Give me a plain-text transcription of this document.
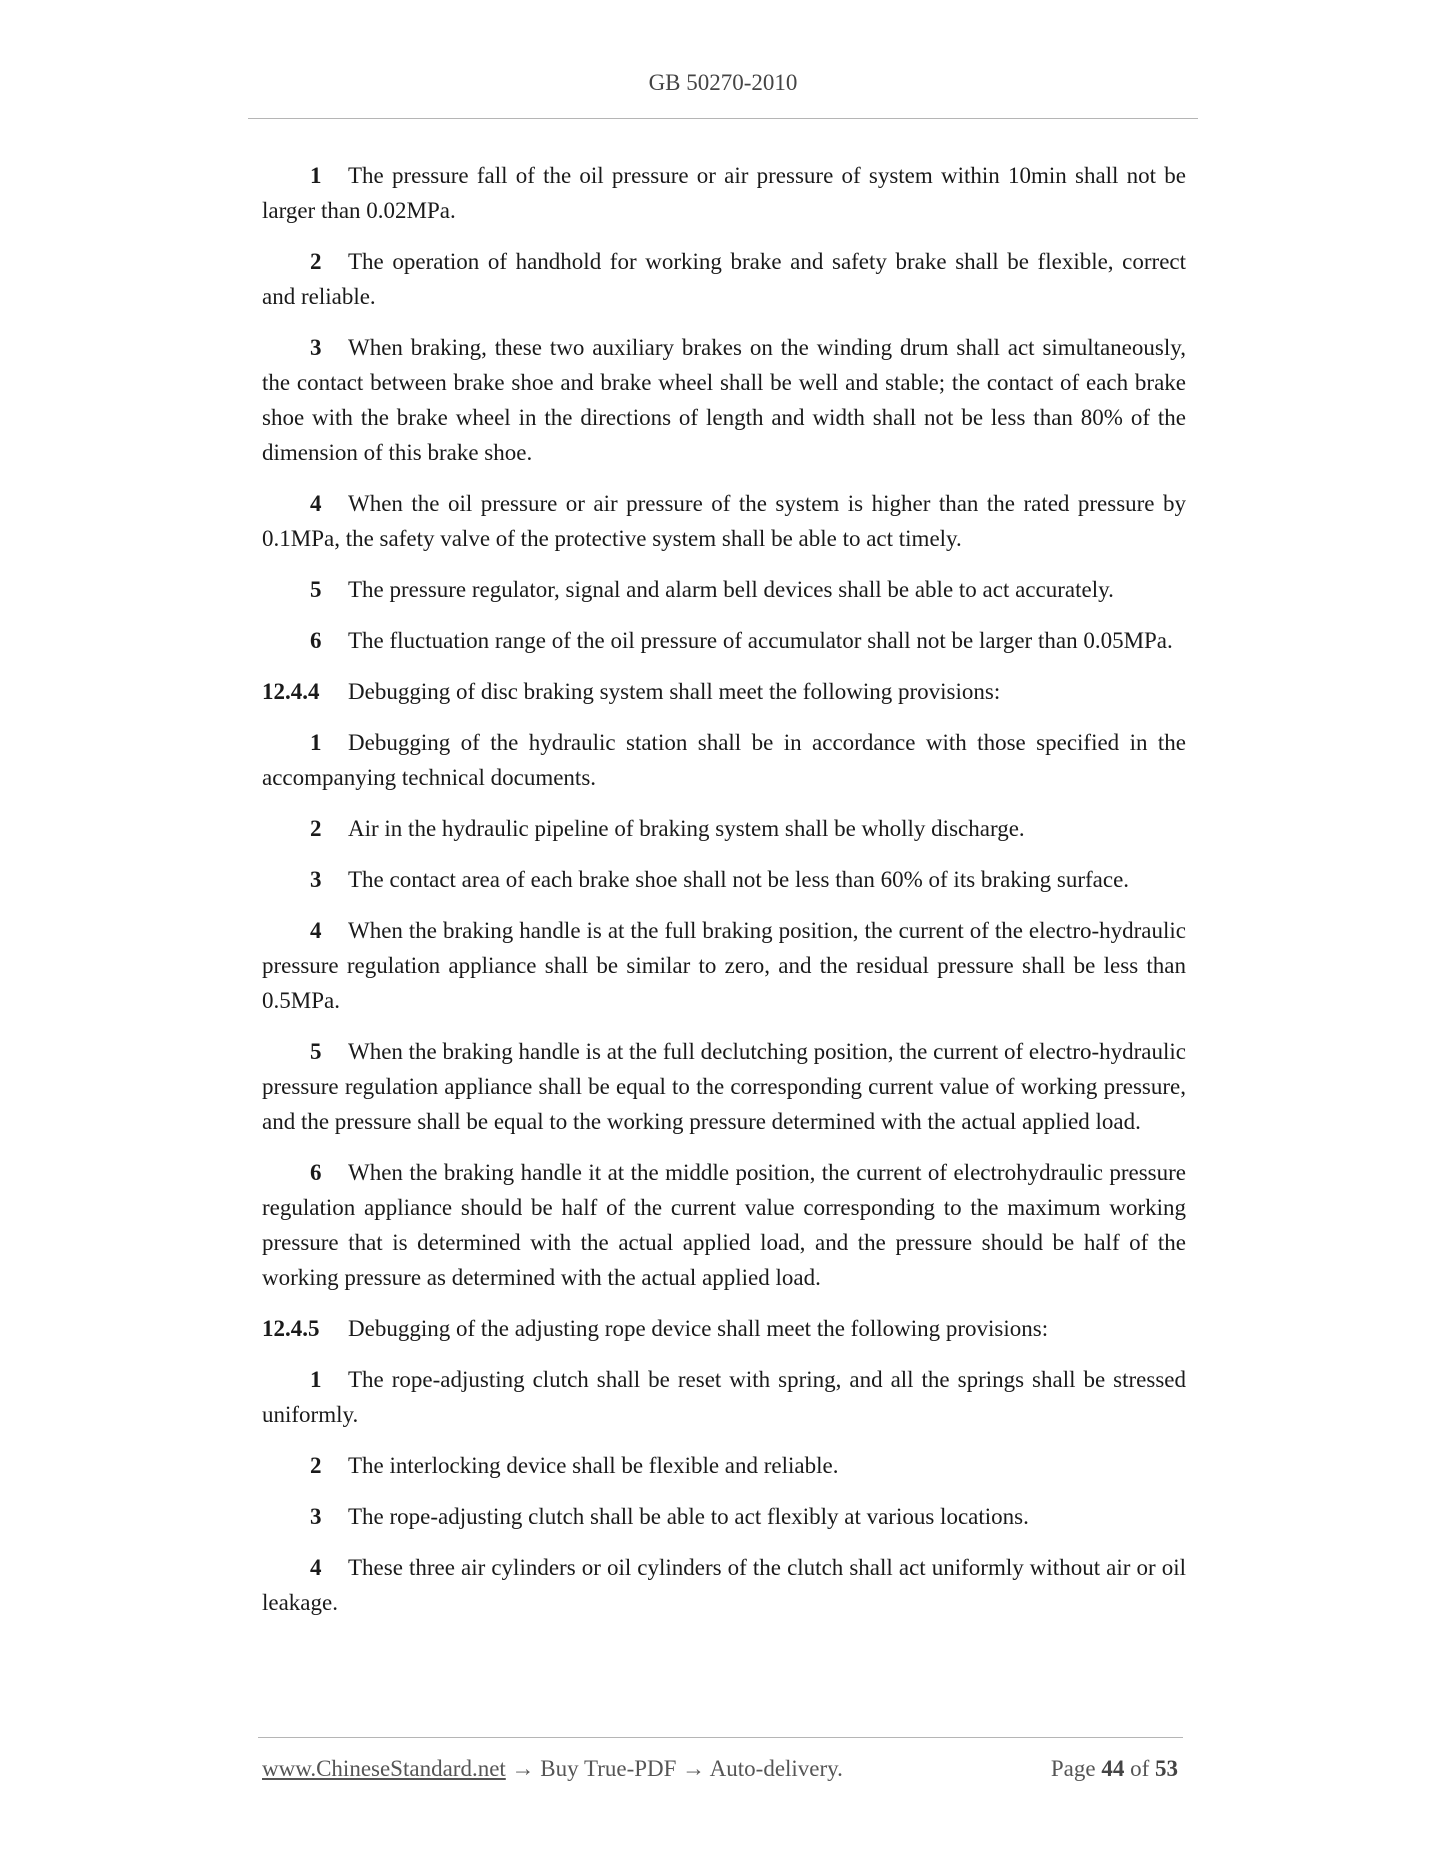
GB 50270-2010

1 The pressure fall of the oil pressure or air pressure of system within 10min shall not be larger than 0.02MPa.

2 The operation of handhold for working brake and safety brake shall be flexible, correct and reliable.

3 When braking, these two auxiliary brakes on the winding drum shall act simultaneously, the contact between brake shoe and brake wheel shall be well and stable; the contact of each brake shoe with the brake wheel in the directions of length and width shall not be less than 80% of the dimension of this brake shoe.

4 When the oil pressure or air pressure of the system is higher than the rated pressure by 0.1MPa, the safety valve of the protective system shall be able to act timely.

5 The pressure regulator, signal and alarm bell devices shall be able to act accurately.

6 The fluctuation range of the oil pressure of accumulator shall not be larger than 0.05MPa.

12.4.4 Debugging of disc braking system shall meet the following provisions:

1 Debugging of the hydraulic station shall be in accordance with those specified in the accompanying technical documents.

2 Air in the hydraulic pipeline of braking system shall be wholly discharge.

3 The contact area of each brake shoe shall not be less than 60% of its braking surface.

4 When the braking handle is at the full braking position, the current of the electro-hydraulic pressure regulation appliance shall be similar to zero, and the residual pressure shall be less than 0.5MPa.

5 When the braking handle is at the full declutching position, the current of electro-hydraulic pressure regulation appliance shall be equal to the corresponding current value of working pressure, and the pressure shall be equal to the working pressure determined with the actual applied load.

6 When the braking handle it at the middle position, the current of electrohydraulic pressure regulation appliance should be half of the current value corresponding to the maximum working pressure that is determined with the actual applied load, and the pressure should be half of the working pressure as determined with the actual applied load.

12.4.5 Debugging of the adjusting rope device shall meet the following provisions:

1 The rope-adjusting clutch shall be reset with spring, and all the springs shall be stressed uniformly.

2 The interlocking device shall be flexible and reliable.

3 The rope-adjusting clutch shall be able to act flexibly at various locations.

4 These three air cylinders or oil cylinders of the clutch shall act uniformly without air or oil leakage.

www.ChineseStandard.net → Buy True-PDF → Auto-delivery.	Page 44 of 53
